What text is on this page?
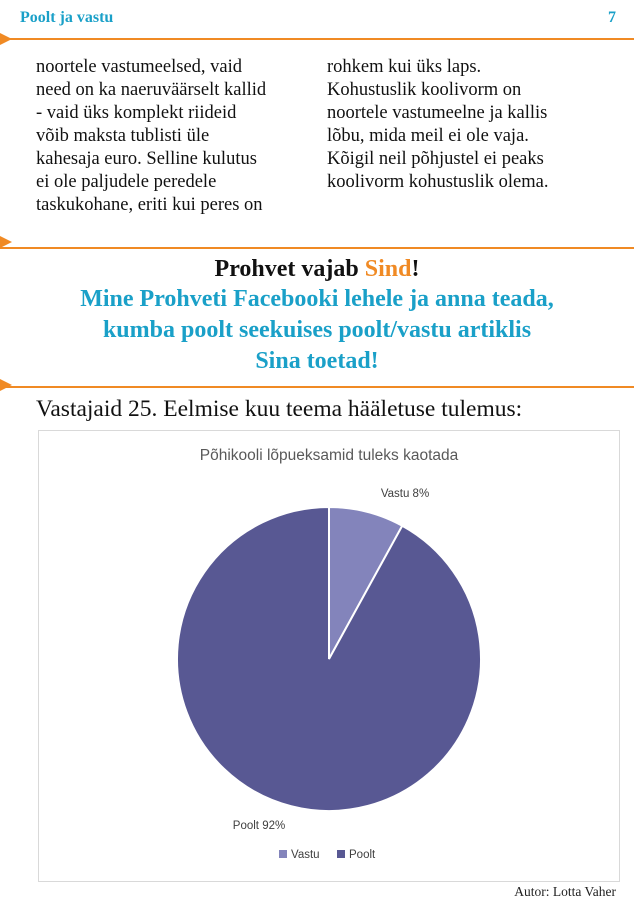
Poolt ja vastu	7
noortele vastumeelsed, vaid
need on ka naeruväärselt kallid
- vaid üks komplekt riideid
võib maksta tublisti üle
kahesaja euro. Selline kulutus
ei ole paljudele peredele
taskukohane, eriti kui peres on
rohkem kui üks laps.
Kohustuslik koolivorm on
noortele vastumeelne ja kallis
lõbu, mida meil ei ole vaja.
Kõigil neil põhjustel ei peaks
koolivorm kohustuslik olema.
Prohvet vajab Sind!
Mine Prohveti Facebooki lehele ja anna teada,
kumba poolt seekuises poolt/vastu artiklis
Sina toetad!
Vastajaid 25. Eelmise kuu teema hääletuse tulemus:
Põhikooli lõpueksamid tuleks kaotada
Vastu 8%
Poolt 92%
Vastu	Poolt
Autor: Lotta Vaher
